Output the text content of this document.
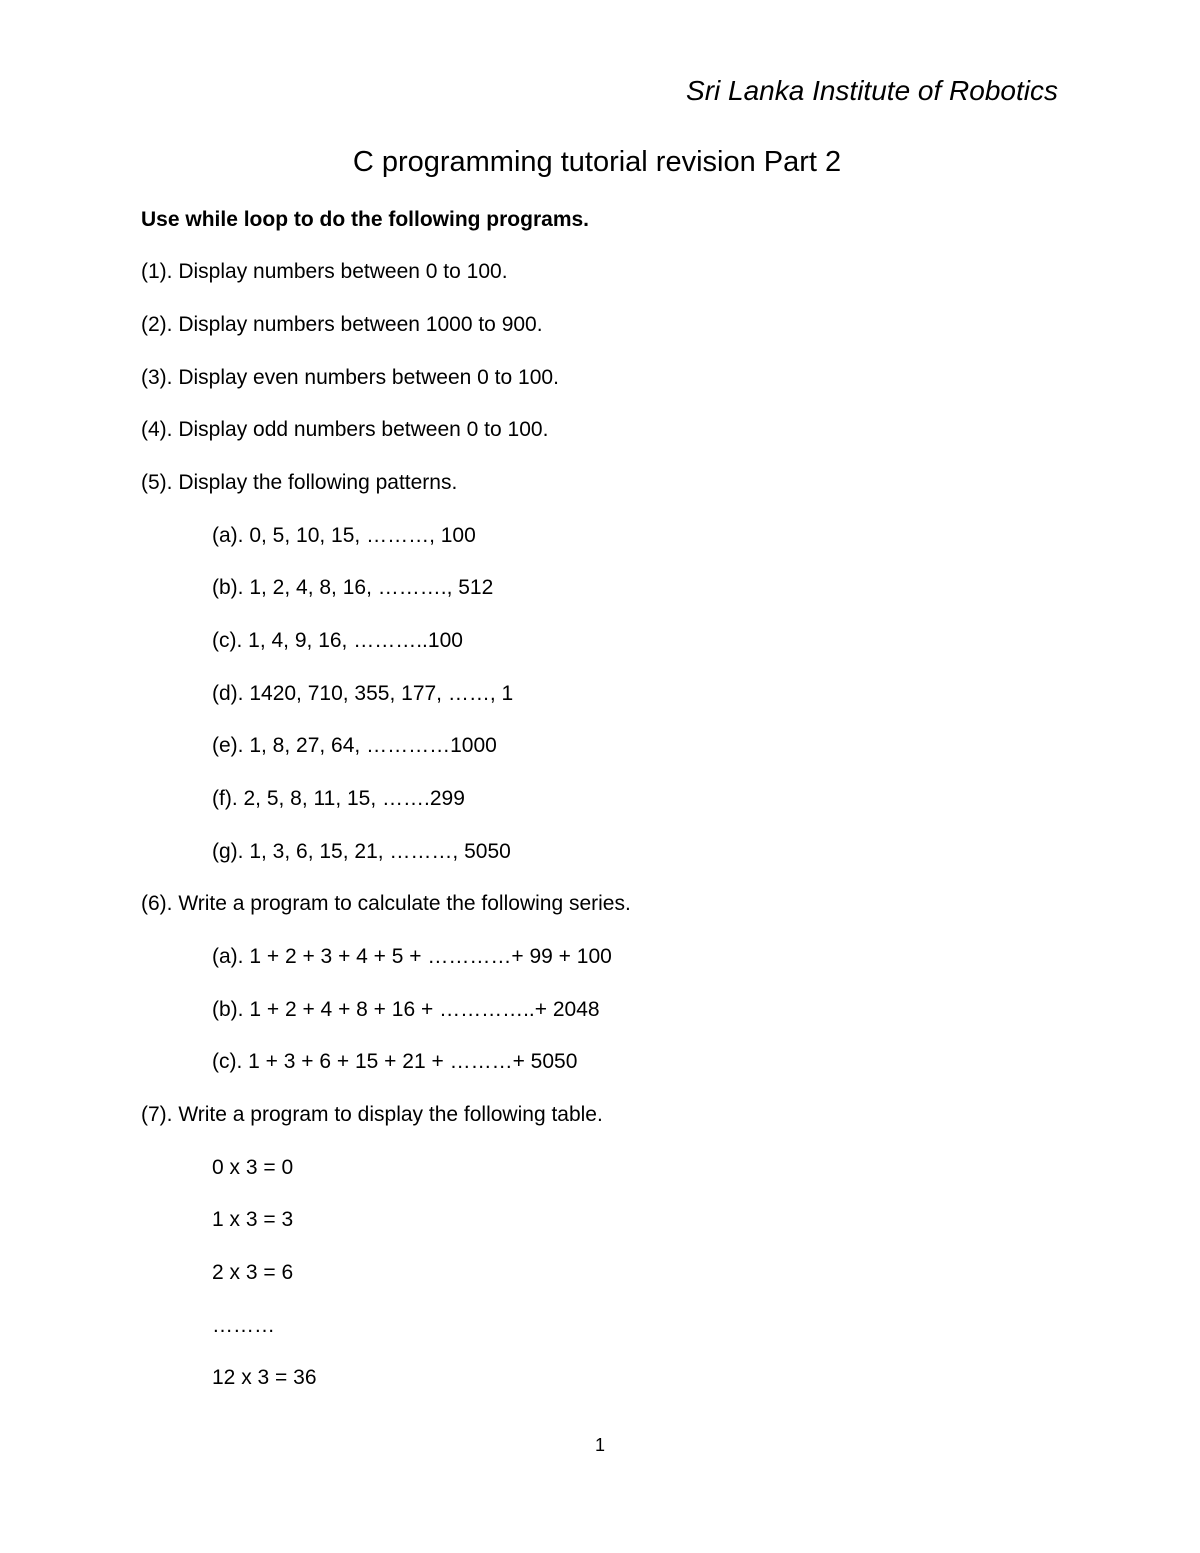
Sri Lanka Institute of Robotics
C programming tutorial revision Part 2
Use while loop to do the following programs.
(1). Display numbers between 0 to 100.
(2). Display numbers between 1000 to 900.
(3). Display even numbers between 0 to 100.
(4). Display odd numbers between 0 to 100.
(5). Display the following patterns.
(a). 0, 5, 10, 15, ………, 100
(b). 1, 2, 4, 8, 16, ………., 512
(c). 1, 4, 9, 16, ………..100
(d). 1420, 710, 355, 177, ……, 1
(e). 1, 8, 27, 64, …………1000
(f). 2, 5, 8, 11, 15, …….299
(g). 1, 3, 6, 15, 21, ………, 5050
(6). Write a program to calculate the following series.
(a). 1 + 2 + 3 + 4 + 5 + …………+ 99 + 100
(b). 1 + 2 + 4 + 8 + 16 + …………..+ 2048
(c). 1 + 3 + 6 + 15 + 21 + ………+ 5050
(7). Write a program to display the following table.
0 x 3 = 0
1 x 3 = 3
2 x 3 = 6
………
12 x 3 = 36
1
